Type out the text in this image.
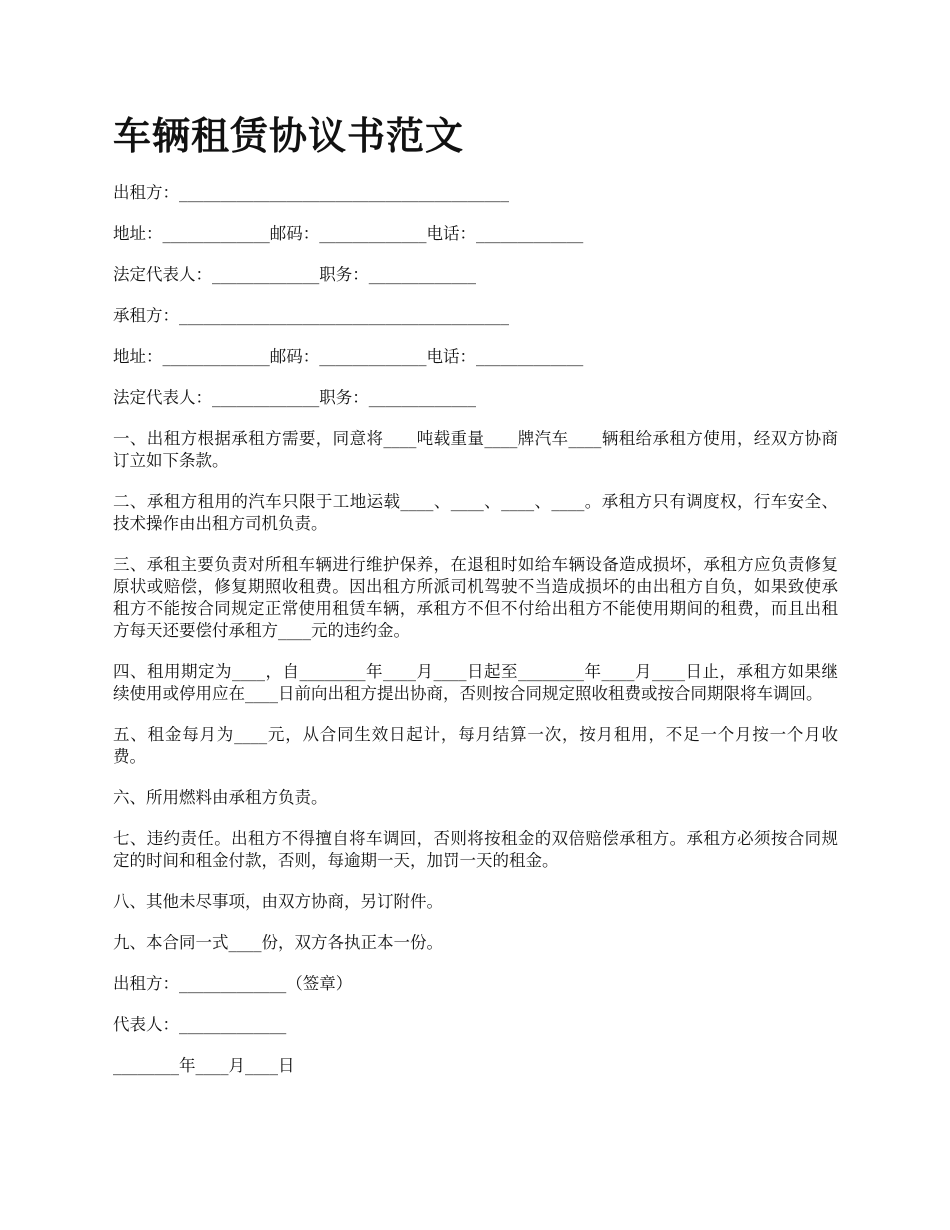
车辆租赁协议书范文

出租方：________________________________________

地址：_____________邮码：_____________电话：_____________

法定代表人：_____________职务：_____________

承租方：________________________________________

地址：_____________邮码：_____________电话：_____________

法定代表人：_____________职务：_____________

一、出租方根据承租方需要，同意将____吨载重量____牌汽车____辆租给承租方使用，经双方协商订立如下条款。

二、承租方租用的汽车只限于工地运载____、____、____、____。承租方只有调度权，行车安全、技术操作由出租方司机负责。

三、承租主要负责对所租车辆进行维护保养，在退租时如给车辆设备造成损坏，承租方应负责修复原状或赔偿，修复期照收租费。因出租方所派司机驾驶不当造成损坏的由出租方自负，如果致使承租方不能按合同规定正常使用租赁车辆，承租方不但不付给出租方不能使用期间的租费，而且出租方每天还要偿付承租方____元的违约金。

四、租用期定为____，自________年____月____日起至________年____月____日止，承租方如果继续使用或停用应在____日前向出租方提出协商，否则按合同规定照收租费或按合同期限将车调回。

五、租金每月为____元，从合同生效日起计，每月结算一次，按月租用，不足一个月按一个月收费。

六、所用燃料由承租方负责。

七、违约责任。出租方不得擅自将车调回，否则将按租金的双倍赔偿承租方。承租方必须按合同规定的时间和租金付款，否则，每逾期一天，加罚一天的租金。

八、其他未尽事项，由双方协商，另订附件。

九、本合同一式____份，双方各执正本一份。

出租方：_____________（签章）

代表人：_____________

________年____月____日
